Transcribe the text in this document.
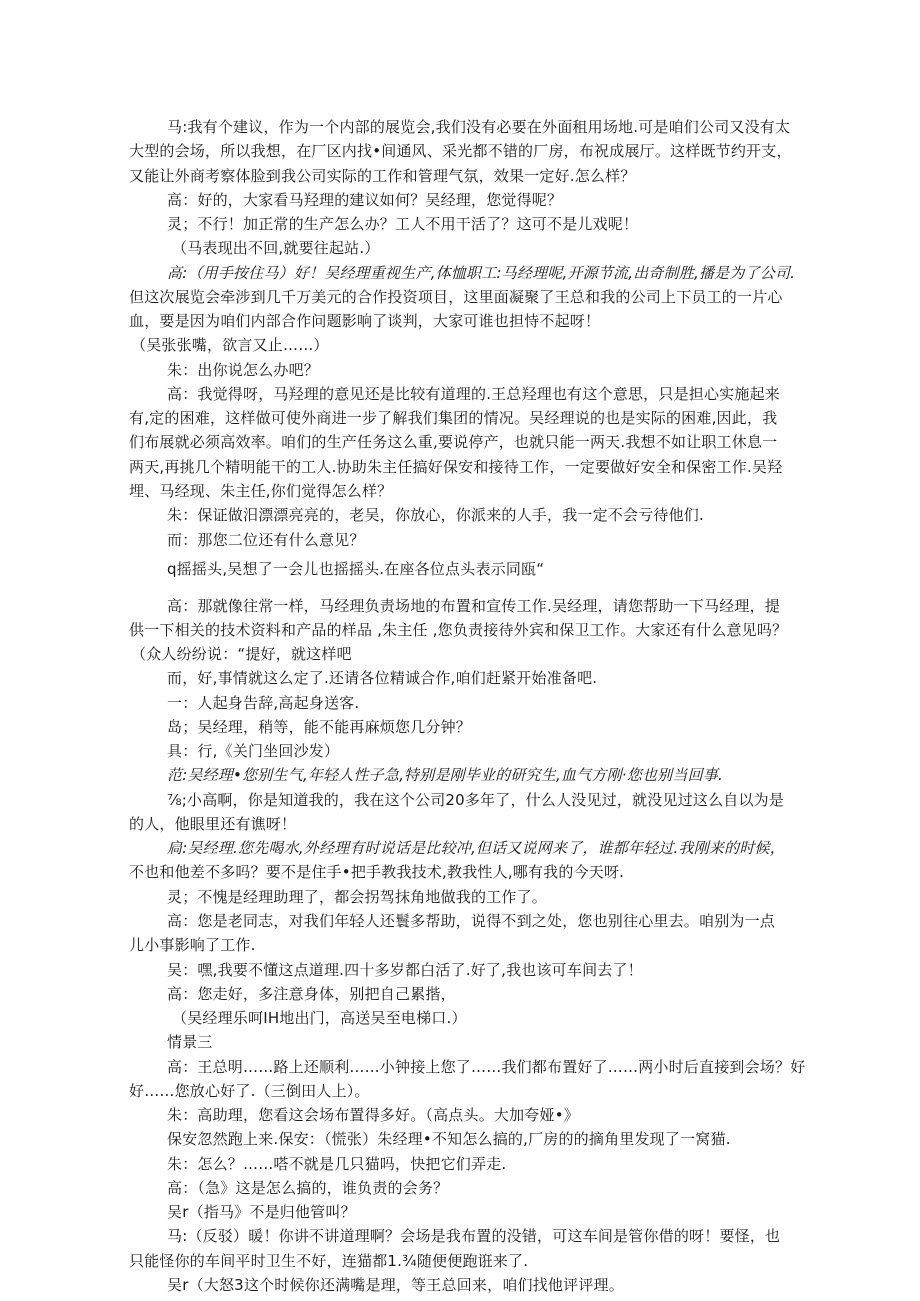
马:我有个建议，作为一个内部的展览会,我们没有必要在外面租用场地.可是咱们公司又没有太
大型的会场，所以我想，在厂区内找•间通风、采光都不错的厂房，布祝成展厅。这样既节约开支，
又能让外商考察体脸到我公司实际的工作和管理气氛，效果一定好.怎么样？
高：好的，大家看马羟理的建议如何？吴经理，您觉得呢？
灵；不行！加正常的生产怎么办？工人不用干活了？这可不是儿戏呢！
（马表现出不回,就要往起站.）
高:（用手按住马）好！吴经理重视生产,体恤职工:马经理呢,开源节流,出奇制胜,播是为了公司.
但这次展览会牵涉到几千万美元的合作投资项目，这里面凝聚了王总和我的公司上下员工的一片心
血，要是因为咱们内部合作问题影响了谈判，大家可谁也担恃不起呀！
（吴张张嘴，欲言又止……）
朱：出你说怎么办吧？
高：我觉得呀，马羟理的意见还是比较有道理的.王总羟理也有这个意思，只是担心实施起来
有,定的困难，这样做可使外商进一步了解我们集团的情况。吴经理说的也是实际的困难,因此，我
们布展就必须高效率。咱们的生产任务这么重,要说停产，也就只能一两天.我想不如让职工休息一
两天,再挑几个精明能干的工人.协助朱主任搞好保安和接待工作，一定要做好安全和保密工作.吴羟
埋、马经现、朱主任,你们觉得怎么样？
朱：保证做汨漂漂亮亮的，老吴，你放心，你派来的人手，我一定不会亏待他们.
而：那您二位还有什么意见？
q摇摇头,吴想了一会儿也摇摇头.在座各位点头表示同瓯“
高：那就像往常一样，马经理负责场地的布置和宣传工作.吴经理，请您帮助一下马经理，提
供一下相关的技术资料和产品的样品 ,朱主任 ,您负责接待外宾和保卫工作。大家还有什么意见吗？
（众人纷纷说：“提好，就这样吧
而，好,事情就这么定了.还请各位精诚合作,咱们赶紧开始准备吧.
一：人起身告辞,高起身送客.
岛；吴经理，稍等，能不能再麻烦您几分钟？
具：行,《关门坐回沙发）
范:吴经理•您别生气,年轻人性子急,特别是刚毕业的研究生,血气方刚·您也别当回事.
⅞;小高啊，你是知道我的，我在这个公司20多年了，什么人没见过，就没见过这么自以为是
的人，他眼里还有谯呀！
扃:吴经理.您先喝水,外经理有时说话是比较冲,但话又说网来了，谁都年轻过.我刚来的时候，
不也和他差不多吗？要不是住手•把手教我技术,教我性人,哪有我的今天呀.
灵；不愧是经理助理了，都会拐驾抹角地做我的工作了。
高：您是老同志，对我们年轻人还鬟多帮助，说得不到之处，您也别往心里去。咱别为一点
儿小事影响了工作.
吴：嘿,我要不懂这点道理.四十多岁都白活了.好了,我也该可车间去了！
高：您走好，多注意身体，别把自己累揩，
（吴经理乐呵IH地出门，高送吴至电梯口.）
情景三
高：王总明……路上还顺利……小钟接上您了……我们都布置好了……两小时后直接到会场？好
好……您放心好了.（三倒田人上）。
朱：高助理，您看这会场布置得多好。（高点头。大加夸娅•》
保安忽然跑上来.保安：（慌张）朱经理•不知怎么搞的,厂房的的摘角里发现了一窝猫.
朱：怎么？……嗒不就是几只猫吗，快把它们弄走.
高：（急》这是怎么搞的，谁负责的会务？
吴r（指马》不是归他管叫？
马:（反驳）暖！你讲不讲道理啊？会场是我布置的没错，可这车间是管你借的呀！要怪，也
只能怪你的车间平时卫生不好，连猫都1.¾随便便跑诳来了.
吴r（大怒3这个时候你还满嘴是理，等王总回来，咱们找他评评理。
